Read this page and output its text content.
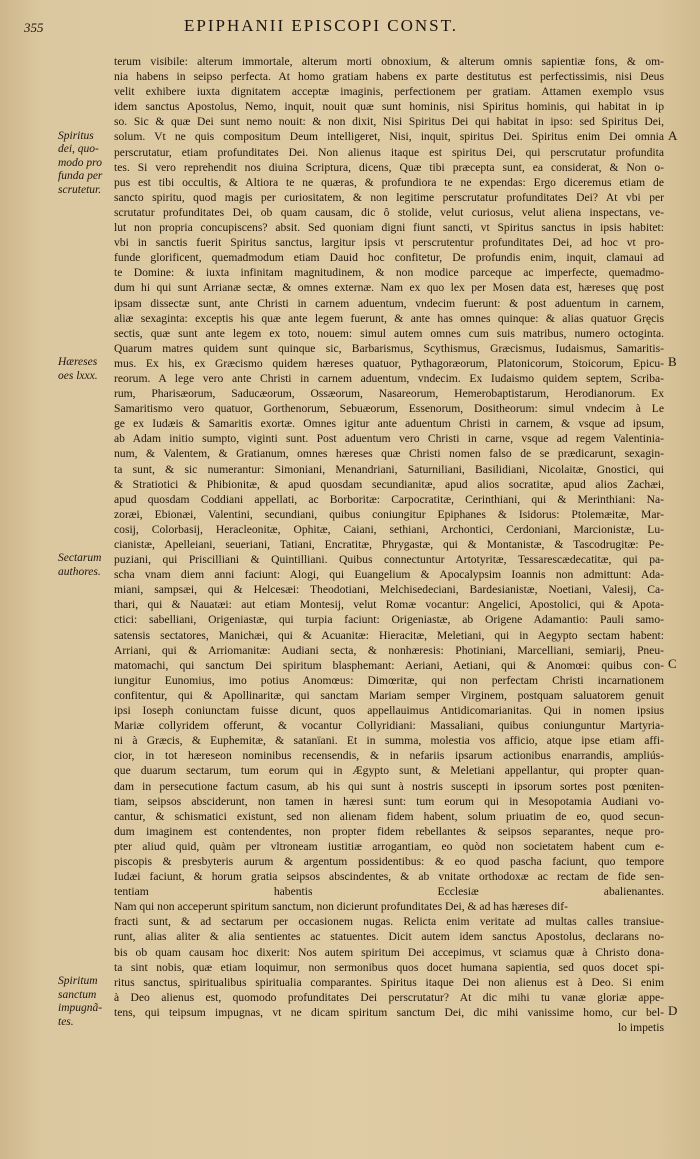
355	EPIPHANII EPISCOPI CONST.
terum visibile: alterum immortale, alterum morti obnoxium, & alterum omnis sapientiæ fons, & om-
nia habens in seipso perfecta. At homo gratiam habens ex parte destitutus est perfectissimis, nisi Deus
velit exhibere iuxta dignitatem acceptæ imaginis, perfectionem per gratiam. Attamen exemplo vsus
idem sanctus Apostolus, Nemo, inquit, nouit quæ sunt hominis, nisi Spiritus hominis, qui habitat in ip
so. Sic & quæ Dei sunt nemo nouit: & non dixit, Nisi Spiritus Dei qui habitat in ipso: sed Spiritus Dei,
solum. Vt ne quis compositum Deum intelligeret, Nisi, inquit, spiritus Dei. Spiritus enim Dei omnia
perscrutatur, etiam profunditates Dei. Non alienus itaque est spiritus Dei, qui perscrutatur profundita
tes. Si vero reprehendit nos diuina Scriptura, dicens, Quæ tibi præcepta sunt, ea considerat, & Non o-
pus est tibi occultis, & Altiora te ne quæras, & profundiora te ne expendas: Ergo diceremus etiam de
sancto spiritu, quod magis per curiositatem, & non legitime perscrutatur profunditates Dei? At vbi per
scrutatur profunditates Dei, ob quam causam, dic ô stolide, velut curiosus, velut aliena inspectans, ve-
lut non propria concupiscens? absit. Sed quoniam digni fiunt sancti, vt Spiritus sanctus in ipsis habitet:
vbi in sanctis fuerit Spiritus sanctus, largitur ipsis vt perscrutentur profunditates Dei, ad hoc vt pro-
funde glorificent, quemadmodum etiam Dauid hoc confitetur, De profundis enim, inquit, clamaui ad
te Domine: & iuxta infinitam magnitudinem, & non modice parceque ac imperfecte, quemadmo-
dum hi qui sunt Arrianæ sectæ, & omnes externæ. Nam ex quo lex per Mosen data est, hæreses quę post
ipsam dissectæ sunt, ante Christi in carnem aduentum, vndecim fuerunt: & post aduentum in carnem,
aliæ sexaginta: exceptis his quæ ante legem fuerunt, & ante has omnes quinque: & alias quatuor Gręcis
sectis, quæ sunt ante legem ex toto, nouem: simul autem omnes cum suis matribus, numero octoginta.
Quarum matres quidem sunt quinque sic, Barbarismus, Scythismus, Græcismus, Iudaismus, Samaritis-
mus. Ex his, ex Græcismo quidem hæreses quatuor, Pythagoræorum, Platonicorum, Stoicorum, Epicu-
reorum. A lege vero ante Christi in carnem aduentum, vndecim. Ex Iudaismo quidem septem, Scriba-
rum, Pharisæorum, Saducæorum, Ossæorum, Nasareorum, Hemerobaptistarum, Herodianorum. Ex
Samaritismo vero quatuor, Gorthenorum, Sebuæorum, Essenorum, Dositheorum: simul vndecim à Le
ge ex Iudæis & Samaritis exortæ. Omnes igitur ante aduentum Christi in carnem, & vsque ad ipsum,
ab Adam initio sumpto, viginti sunt. Post aduentum vero Christi in carne, vsque ad regem Valentinia-
num, & Valentem, & Gratianum, omnes hæreses quæ Christi nomen falso de se prædicarunt, sexagin-
ta sunt, & sic numerantur: Simoniani, Menandriani, Saturniliani, Basilidiani, Nicolaitæ, Gnostici, qui
& Stratiotici & Phibionitæ, & apud quosdam secundianitæ, apud alios socratitæ, apud alios Zachæi,
apud quosdam Coddiani appellati, ac Borboritæ: Carpocratitæ, Cerinthiani, qui & Merinthiani: Na-
zoræi, Ebionæi, Valentini, secundiani, quibus coniungitur Epiphanes & Isidorus: Ptolemæitæ, Mar-
cosij, Colorbasij, Heracleonitæ, Ophitæ, Caiani, sethiani, Archontici, Cerdoniani, Marcionistæ, Lu-
cianistæ, Apelleiani, seueriani, Tatiani, Encratitæ, Phrygastæ, qui & Montanistæ, & Tascodrugitæ: Pe-
puziani, qui Priscilliani & Quintilliani. Quibus connectuntur Artotyritæ, Tessarescædecatitæ, qui pa-
scha vnam diem anni faciunt: Alogi, qui Euangelium & Apocalypsim Ioannis non admittunt: Ada-
miani, sampsæi, qui & Helcesæi: Theodotiani, Melchisedeciani, Bardesianistæ, Noetiani, Valesij, Ca-
thari, qui & Nauatæi: aut etiam Montesij, velut Romæ vocantur: Angelici, Apostolici, qui & Apota-
ctici: sabelliani, Origeniastæ, qui turpia faciunt: Origeniastæ, ab Origene Adamantio: Pauli samo-
satensis sectatores, Manichæi, qui & Acuanitæ: Hieracitæ, Meletiani, qui in Aegypto sectam habent:
Arriani, qui & Arriomanitæ: Audiani secta, & nonhæresis: Photiniani, Marcelliani, semiarij, Pneu-
matomachi, qui sanctum Dei spiritum blasphemant: Aeriani, Aetiani, qui & Anomœi: quibus con-
iungitur Eunomius, imo potius Anomœus: Dimœritæ, qui non perfectam Christi incarnationem
confitentur, qui & Apollinaritæ, qui sanctam Mariam semper Virginem, postquam saluatorem genuit
ipsi Ioseph coniunctam fuisse dicunt, quos appellauimus Antidicomarianitas. Qui in nomen ipsius
Mariæ collyridem offerunt, & vocantur Collyridiani: Massaliani, quibus coniunguntur Martyria-
ni à Græcis, & Euphemitæ, & satanïani. Et in summa, molestia vos afficio, atque ipse etiam affi-
cior, in tot hæreseon nominibus recensendis, & in nefariis ipsarum actionibus enarrandis, ampliús-
que duarum sectarum, tum eorum qui in Ægypto sunt, & Meletiani appellantur, qui propter quan-
dam in persecutione factum casum, ab his qui sunt à nostris suscepti in ipsorum sortes post pœniten-
tiam, seipsos absciderunt, non tamen in hæresi sunt: tum eorum qui in Mesopotamia Audiani vo-
cantur, & schismatici existunt, sed non alienam fidem habent, solum priuatim de eo, quod secun-
dum imaginem est contendentes, non propter fidem rebellantes & seipsos separantes, neque pro-
pter aliud quid, quàm per vltroneam iustitiæ arrogantiam, eo quòd non societatem habent cum e-
piscopis & presbyteris aurum & argentum possidentibus: & eo quod pascha faciunt, quo tempore
Iudæi faciunt, & horum gratia seipsos abscindentes, & ab vnitate orthodoxæ ac rectam de fide sen-
tentiam habentis Ecclesiæ abalienantes.
Nam qui non acceperunt spiritum sanctum, non dicierunt profunditates Dei, & ad has hæreses dif-
fracti sunt, & ad sectarum per occasionem nugas. Relicta enim veritate ad multas calles transiue-
runt, alias aliter & alia sentientes ac statuentes. Dicit autem idem sanctus Apostolus, declarans no-
bis ob quam causam hoc dixerit: Nos autem spiritum Dei accepimus, vt sciamus quæ à Christo dona-
ta sint nobis, quæ etiam loquimur, non sermonibus quos docet humana sapientia, sed quos docet spi-
ritus sanctus, spiritualibus spiritualia comparantes. Spiritus itaque Dei non alienus est à Deo. Si enim
à Deo alienus est, quomodo profunditates Dei perscrutatur? At dic mihi tu vanæ gloriæ appe-
tens, qui teipsum impugnas, vt ne dicam spiritum sanctum Dei, dic mihi vanissime homo, cur bel-
lo impetis
Spiritus
dei, quo-
modo pro
funda per
scrutetur.
Hæreses
oes lxxx.
Sectarum
authores.
Spiritum
sanctum
impugnã-
tes.
A
B
C
D
